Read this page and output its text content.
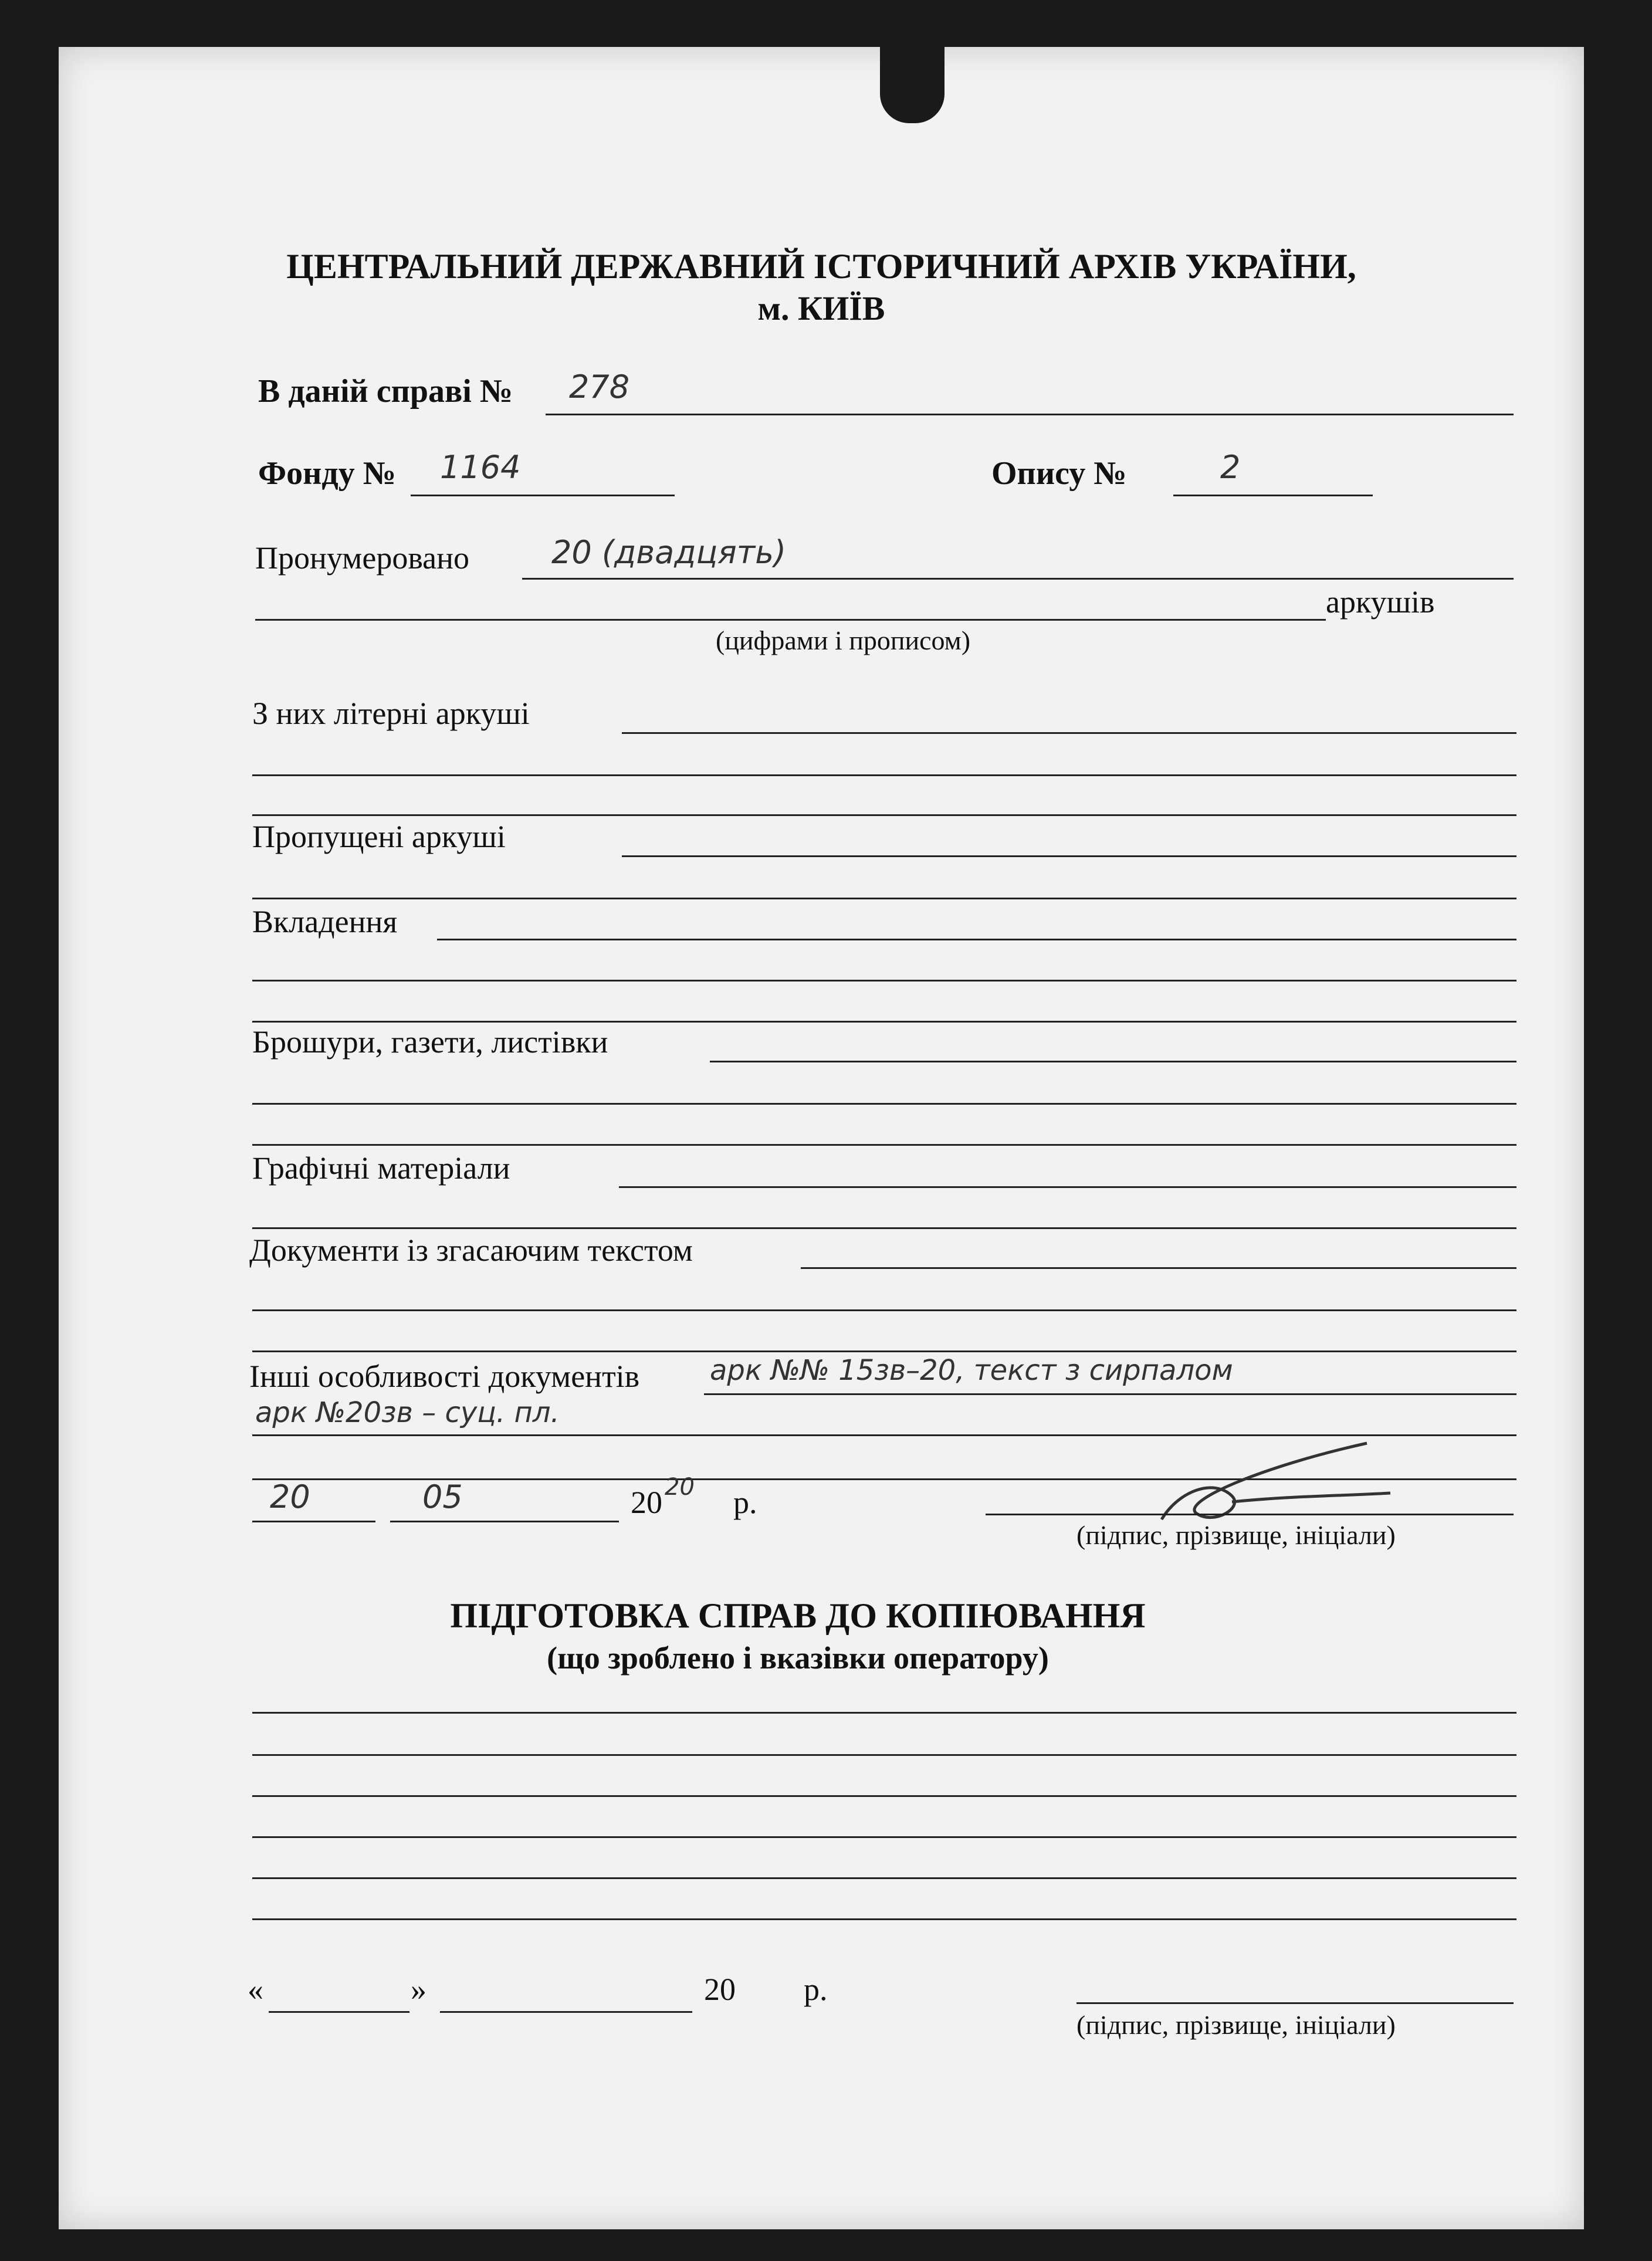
ЦЕНТРАЛЬНИЙ ДЕРЖАВНИЙ ІСТОРИЧНИЙ АРХІВ УКРАЇНИ,
м. КИЇВ
В даній справі № 278
Фонду № 1164	Опису №	2
Пронумеровано	20 (двадцять)
аркушів
(цифрами і прописом)
З них літерні аркуші
Пропущені аркуші
Вкладення
Брошури, газети, листівки
Графічні матеріали
Документи із згасаючим текстом
Інші особливості документів арк №№ 15зв–20, текст з сирпалом
арк №20зв – суц. пл.
20	05	20 20 р.
(підпис, прізвище, ініціали)
ПІДГОТОВКА СПРАВ ДО КОПІЮВАННЯ
(що зроблено і вказівки оператору)
«	»	20 р.
(підпис, прізвище, ініціали)
